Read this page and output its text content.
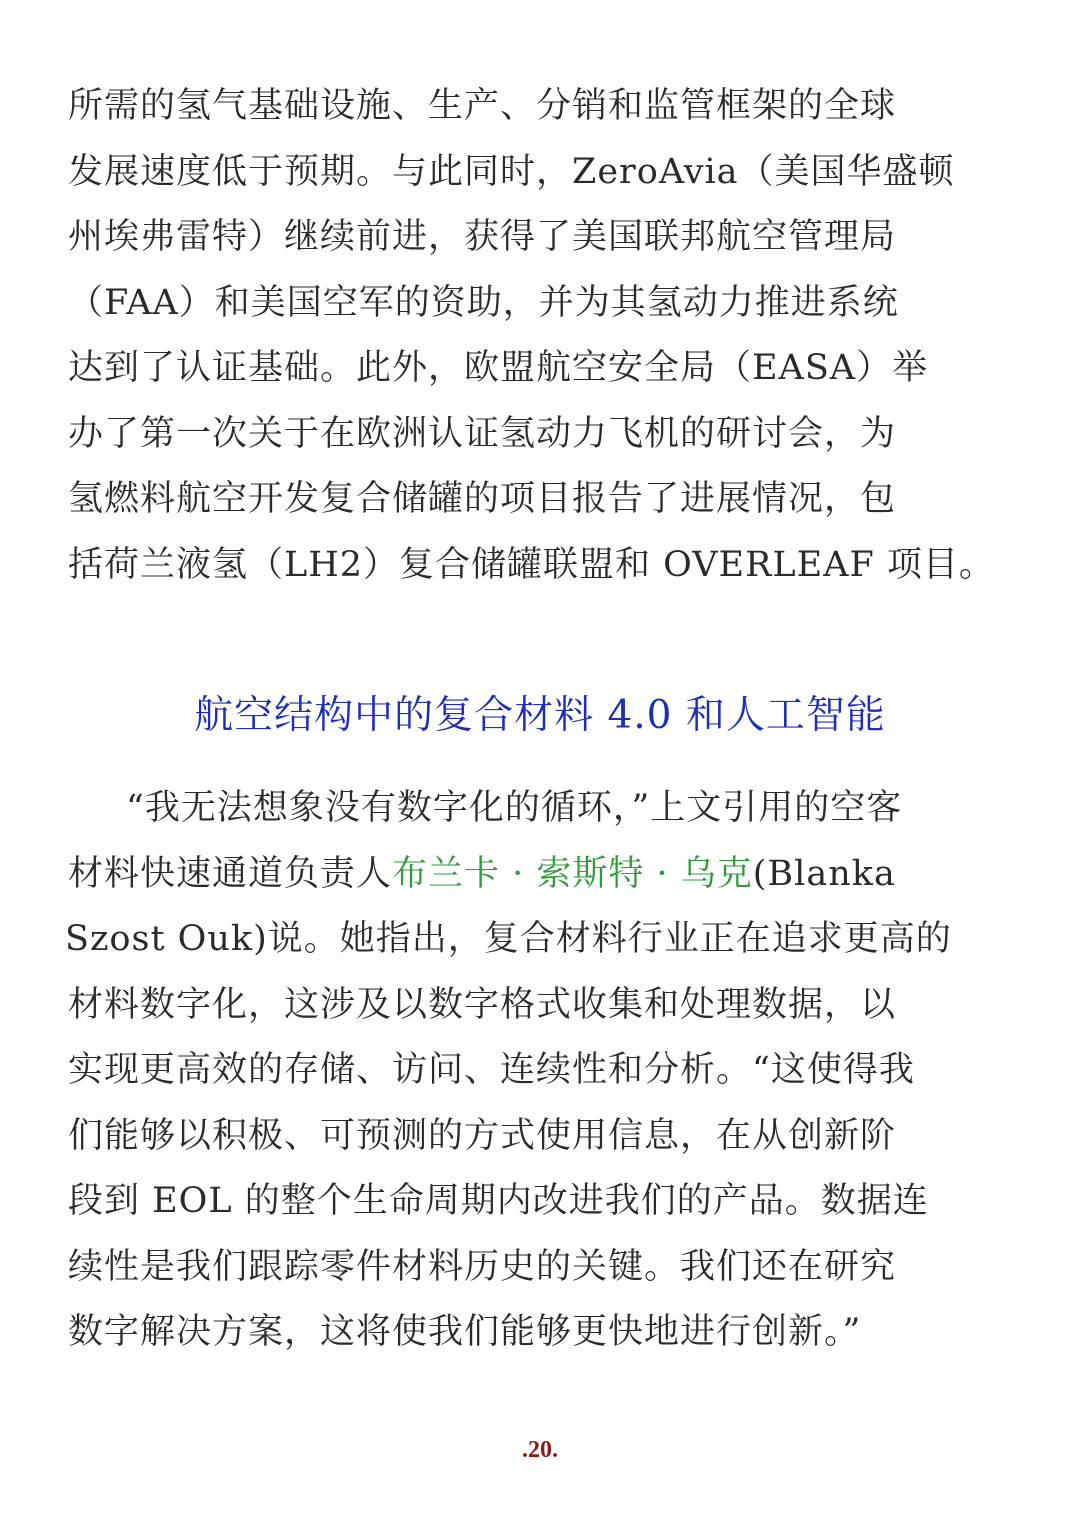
所需的氢气基础设施、生产、分销和监管框架的全球
发展速度低于预期。与此同时，ZeroAvia（美国华盛顿
州埃弗雷特）继续前进，获得了美国联邦航空管理局
（FAA）和美国空军的资助，并为其氢动力推进系统
达到了认证基础。此外，欧盟航空安全局（EASA）举
办了第一次关于在欧洲认证氢动力飞机的研讨会，为
氢燃料航空开发复合储罐的项目报告了进展情况，包
括荷兰液氢（LH2）复合储罐联盟和 OVERLEAF 项目。
航空结构中的复合材料 4.0 和人工智能
“我无法想象没有数字化的循环，”上文引用的空客
材料快速通道负责人布兰卡 · 索斯特 · 乌克(Blanka
Szost Ouk)说。她指出，复合材料行业正在追求更高的
材料数字化，这涉及以数字格式收集和处理数据，以
实现更高效的存储、访问、连续性和分析。“这使得我
们能够以积极、可预测的方式使用信息，在从创新阶
段到 EOL 的整个生命周期内改进我们的产品。数据连
续性是我们跟踪零件材料历史的关键。我们还在研究
数字解决方案，这将使我们能够更快地进行创新。”
.20.
